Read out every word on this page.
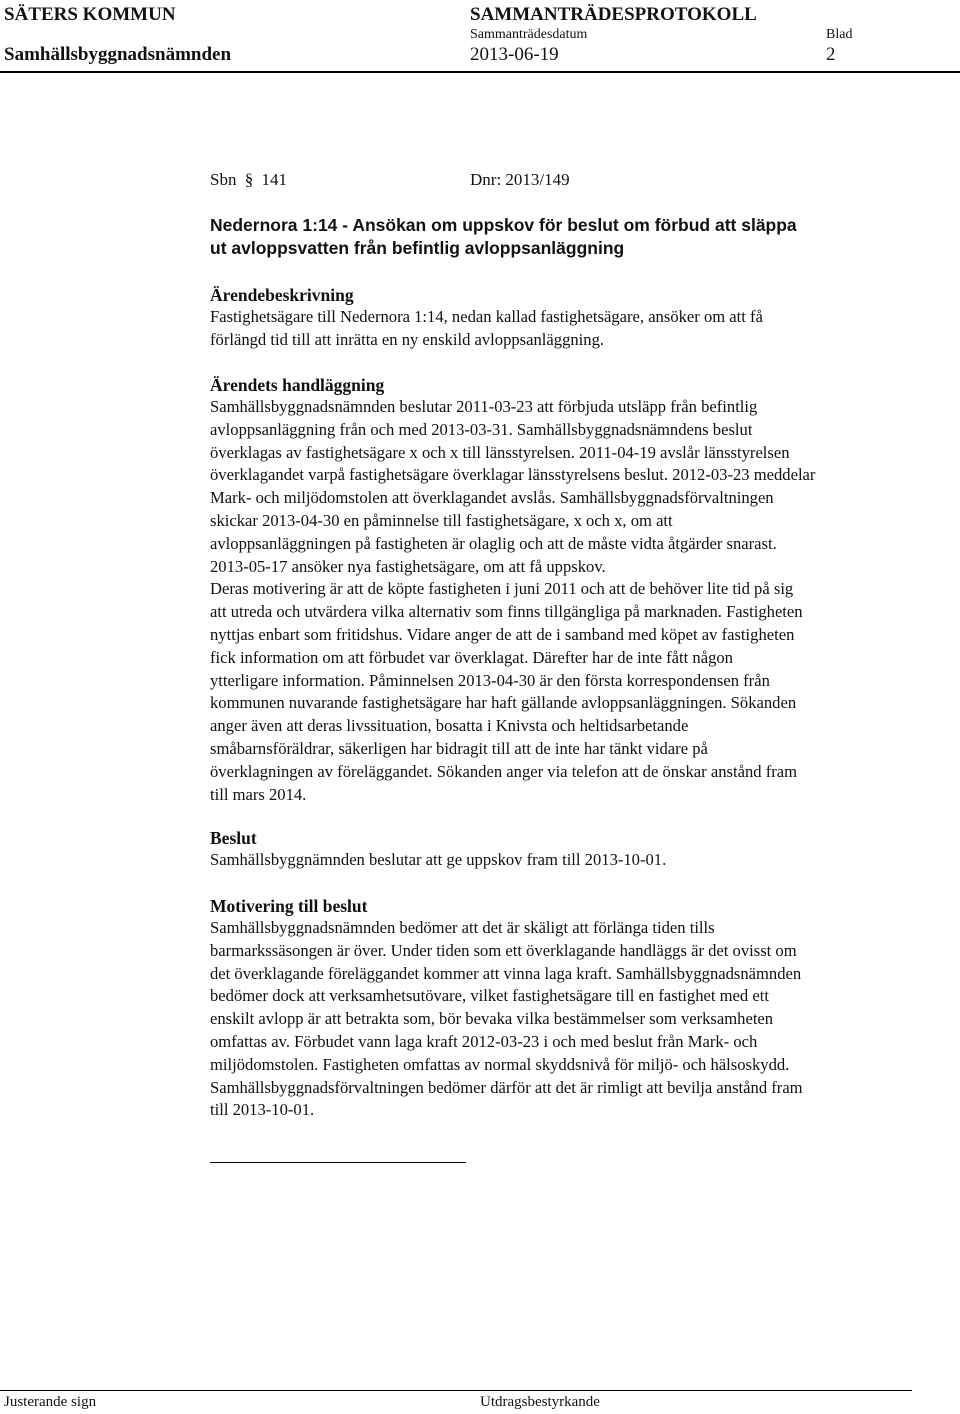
SÄTERS KOMMUN	SAMMANTRÄDESPROTOKOLL
Sammanträdesdatum	Blad
Samhällsbyggnadsnämnden	2013-06-19	2
Sbn § 141	Dnr: 2013/149
Nedernora 1:14 - Ansökan om uppskov för beslut om förbud att släppa
ut avloppsvatten från befintlig avloppsanläggning

Ärendebeskrivning

Fastighetsägare till Nedernora 1:14, nedan kallad fastighetsägare, ansöker om att få
förlängd tid till att inrätta en ny enskild avloppsanläggning.

Ärendets handläggning

Samhällsbyggnadsnämnden beslutar 2011-03-23 att förbjuda utsläpp från befintlig
avloppsanläggning från och med 2013-03-31. Samhällsbyggnadsnämndens beslut
överklagas av fastighetsägare x och x till länsstyrelsen. 2011-04-19 avslår länsstyrelsen
överklagandet varpå fastighetsägare överklagar länsstyrelsens beslut. 2012-03-23 meddelar
Mark- och miljödomstolen att överklagandet avslås. Samhällsbyggnadsförvaltningen
skickar 2013-04-30 en påminnelse till fastighetsägare, x och x, om att
avloppsanläggningen på fastigheten är olaglig och att de måste vidta åtgärder snarast.
2013-05-17 ansöker nya fastighetsägare, om att få uppskov.
Deras motivering är att de köpte fastigheten i juni 2011 och att de behöver lite tid på sig
att utreda och utvärdera vilka alternativ som finns tillgängliga på marknaden. Fastigheten
nyttjas enbart som fritidshus. Vidare anger de att de i samband med köpet av fastigheten
fick information om att förbudet var överklagat. Därefter har de inte fått någon
ytterligare information. Påminnelsen 2013-04-30 är den första korrespondensen från
kommunen nuvarande fastighetsägare har haft gällande avloppsanläggningen. Sökanden
anger även att deras livssituation, bosatta i Knivsta och heltidsarbetande
småbarnsföräldrar, säkerligen har bidragit till att de inte har tänkt vidare på
överklagningen av föreläggandet. Sökanden anger via telefon att de önskar anstånd fram
till mars 2014.

Beslut

Samhällsbyggnämnden beslutar att ge uppskov fram till 2013-10-01.

Motivering till beslut

Samhällsbyggnadsnämnden bedömer att det är skäligt att förlänga tiden tills
barmarkssäsongen är över. Under tiden som ett överklagande handläggs är det ovisst om
det överklagande föreläggandet kommer att vinna laga kraft. Samhällsbyggnadsnämnden
bedömer dock att verksamhetsutövare, vilket fastighetsägare till en fastighet med ett
enskilt avlopp är att betrakta som, bör bevaka vilka bestämmelser som verksamheten
omfattas av. Förbudet vann laga kraft 2012-03-23 i och med beslut från Mark- och
miljödomstolen. Fastigheten omfattas av normal skyddsnivå för miljö- och hälsoskydd.
Samhällsbyggnadsförvaltningen bedömer därför att det är rimligt att bevilja anstånd fram
till 2013-10-01.

Justerande sign	Utdragsbestyrkande
